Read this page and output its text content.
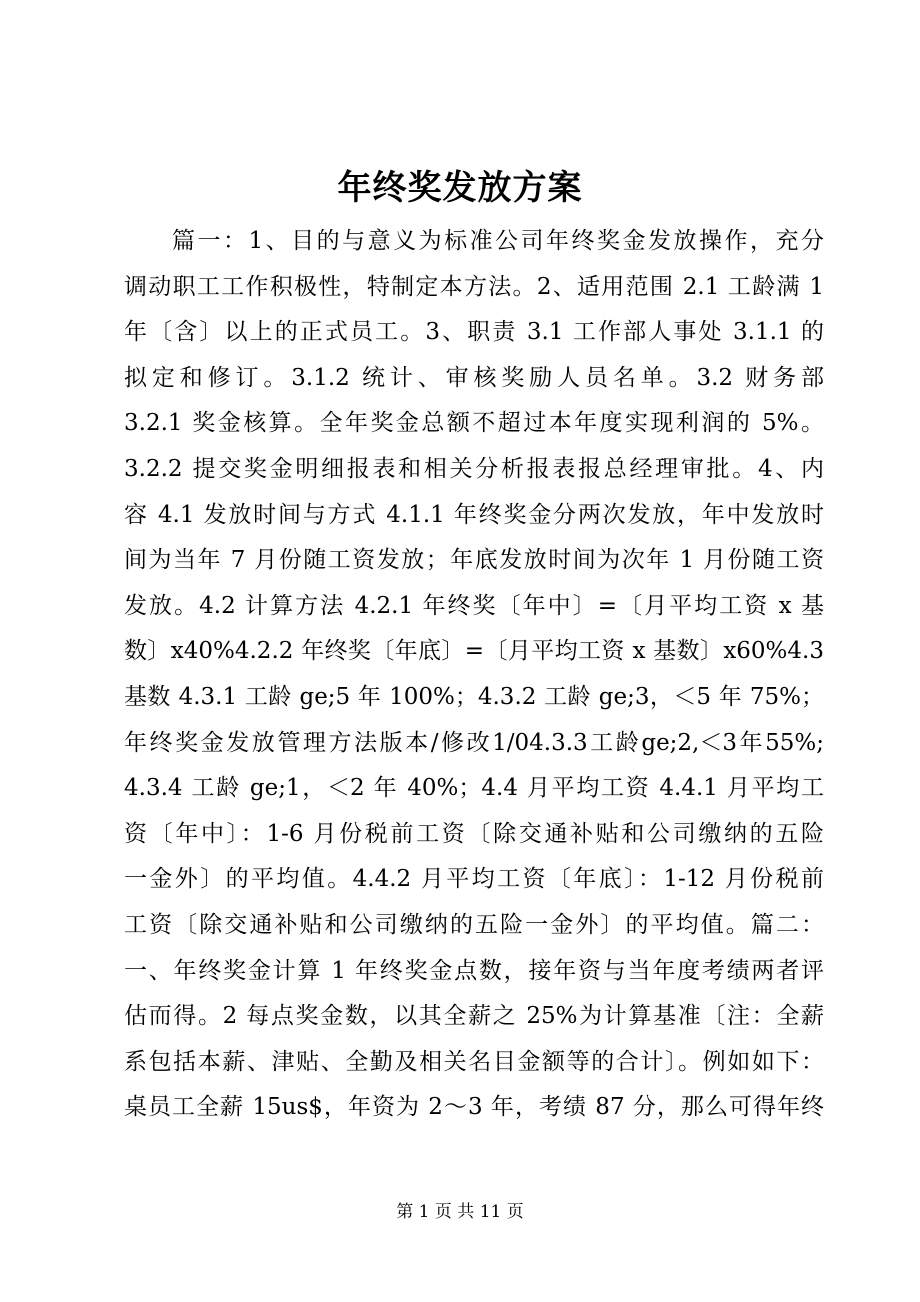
年终奖发放方案
篇一：1、目的与意义为标准公司年终奖金发放操作，充分
调动职工工作积极性，特制定本方法。2、适用范围 2.1 工龄满 1
年〔含〕以上的正式员工。3、职责 3.1 工作部人事处 3.1.1 的
拟定和修订。3.1.2 统计、审核奖励人员名单。3.2 财务部
3.2.1 奖金核算。全年奖金总额不超过本年度实现利润的 5%。
3.2.2 提交奖金明细报表和相关分析报表报总经理审批。4、内
容 4.1 发放时间与方式 4.1.1 年终奖金分两次发放，年中发放时
间为当年 7 月份随工资发放；年底发放时间为次年 1 月份随工资
发放。4.2 计算方法 4.2.1 年终奖〔年中〕=〔月平均工资 x 基
数〕x40%4.2.2 年终奖〔年底〕=〔月平均工资 x 基数〕x60%4.3
基数 4.3.1 工龄 ge;5 年 100%；4.3.2 工龄 ge;3，＜5 年 75%；
年终奖金发放管理方法版本/修改1/04.3.3工龄ge;2,＜3年55%;
4.3.4 工龄 ge;1，＜2 年 40%；4.4 月平均工资 4.4.1 月平均工
资〔年中〕：1-6 月份税前工资〔除交通补贴和公司缴纳的五险
一金外〕的平均值。4.4.2 月平均工资〔年底〕：1-12 月份税前
工资〔除交通补贴和公司缴纳的五险一金外〕的平均值。篇二：
一、年终奖金计算 1 年终奖金点数，接年资与当年度考绩两者评
估而得。2 每点奖金数，以其全薪之 25%为计算基准〔注：全薪
系包括本薪、津贴、全勤及相关名目金额等的合计〕。例如如下：
桌员工全薪 15us$，年资为 2～3 年，考绩 87 分，那么可得年终
第 1 页 共 11 页
